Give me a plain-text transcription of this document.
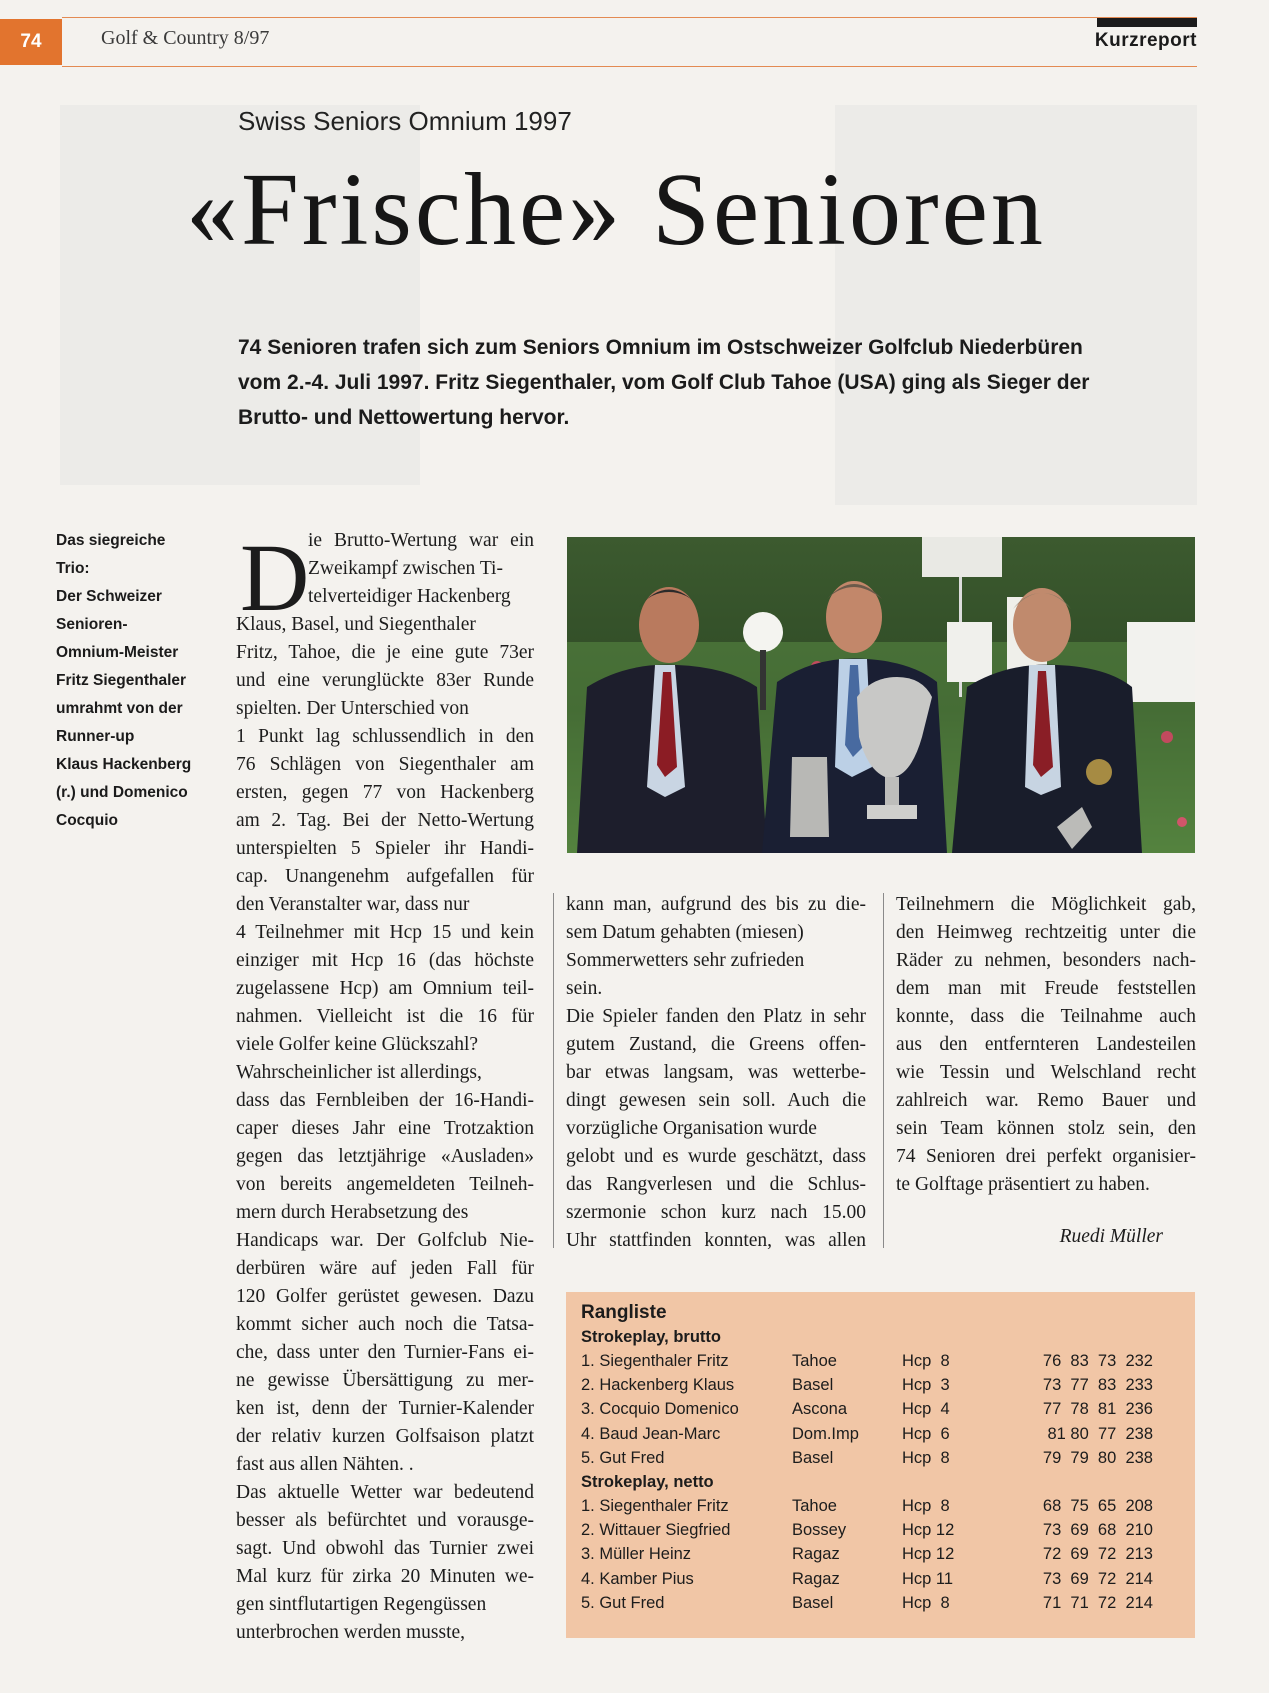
74	Golf & Country 8/97	Kurzreport
Swiss Seniors Omnium 1997
«Frische» Senioren
74 Senioren trafen sich zum Seniors Omnium im Ostschweizer Golfclub Niederbüren
vom 2.-4. Juli 1997. Fritz Siegenthaler, vom Golf Club Tahoe (USA) ging als Sieger der
Brutto- und Nettowertung hervor.
Das siegreiche
Trio:
Der Schweizer
Senioren-
Omnium-Meister
Fritz Siegenthaler
umrahmt von der
Runner-up
Klaus Hackenberg
(r.) und Domenico
Cocquio
D
ie Brutto-Wertung war ein
Zweikampf zwischen Ti-
telverteidiger Hackenberg
Klaus, Basel, und Siegenthaler
Fritz, Tahoe, die je eine gute 73er
und eine verunglückte 83er Runde
spielten. Der Unterschied von
1 Punkt lag schlussendlich in den
76 Schlägen von Siegenthaler am
ersten, gegen 77 von Hackenberg
am 2. Tag. Bei der Netto-Wertung
unterspielten 5 Spieler ihr Handi-
cap. Unangenehm aufgefallen für
den Veranstalter war, dass nur
4 Teilnehmer mit Hcp 15 und kein
einziger mit Hcp 16 (das höchste
zugelassene Hcp) am Omnium teil-
nahmen. Vielleicht ist die 16 für
viele Golfer keine Glückszahl?
Wahrscheinlicher ist allerdings,
dass das Fernbleiben der 16-Handi-
caper dieses Jahr eine Trotzaktion
gegen das letztjährige «Ausladen»
von bereits angemeldeten Teilneh-
mern durch Herabsetzung des
Handicaps war. Der Golfclub Nie-
derbüren wäre auf jeden Fall für
120 Golfer gerüstet gewesen. Dazu
kommt sicher auch noch die Tatsa-
che, dass unter den Turnier-Fans ei-
ne gewisse Übersättigung zu mer-
ken ist, denn der Turnier-Kalender
der relativ kurzen Golfsaison platzt
fast aus allen Nähten. .
Das aktuelle Wetter war bedeutend
besser als befürchtet und vorausge-
sagt. Und obwohl das Turnier zwei
Mal kurz für zirka 20 Minuten we-
gen sintflutartigen Regengüssen
unterbrochen werden musste,
kann man, aufgrund des bis zu die-
sem Datum gehabten (miesen)
Sommerwetters sehr zufrieden
sein.
Die Spieler fanden den Platz in sehr
gutem Zustand, die Greens offen-
bar etwas langsam, was wetterbe-
dingt gewesen sein soll. Auch die
vorzügliche Organisation wurde
gelobt und es wurde geschätzt, dass
das Rangverlesen und die Schlus-
szermonie schon kurz nach 15.00
Uhr stattfinden konnten, was allen
Teilnehmern die Möglichkeit gab,
den Heimweg rechtzeitig unter die
Räder zu nehmen, besonders nach-
dem man mit Freude feststellen
konnte, dass die Teilnahme auch
aus den entfernteren Landesteilen
wie Tessin und Welschland recht
zahlreich war. Remo Bauer und
sein Team können stolz sein, den
74 Senioren drei perfekt organisier-
te Golftage präsentiert zu haben.
Ruedi Müller
Rangliste
Strokeplay, brutto
Strokeplay, netto
1. Siegenthaler Fritz	Tahoe	Hcp  8	76  83  73  232
2. Hackenberg Klaus	Basel	Hcp  3	73  77  83  233
3. Cocquio Domenico	Ascona	Hcp  4	77  78  81  236
4. Baud Jean-Marc	Dom.Imp	Hcp  6	81 80  77  238
5. Gut Fred	Basel	Hcp  8	79  79  80  238
1. Siegenthaler Fritz	Tahoe	Hcp  8	68  75  65  208
2. Wittauer Siegfried	Bossey	Hcp 12	73  69  68  210
3. Müller Heinz	Ragaz	Hcp 12	72  69  72  213
4. Kamber Pius	Ragaz	Hcp 11	73  69  72  214
5. Gut Fred	Basel	Hcp  8	71  71  72  214
